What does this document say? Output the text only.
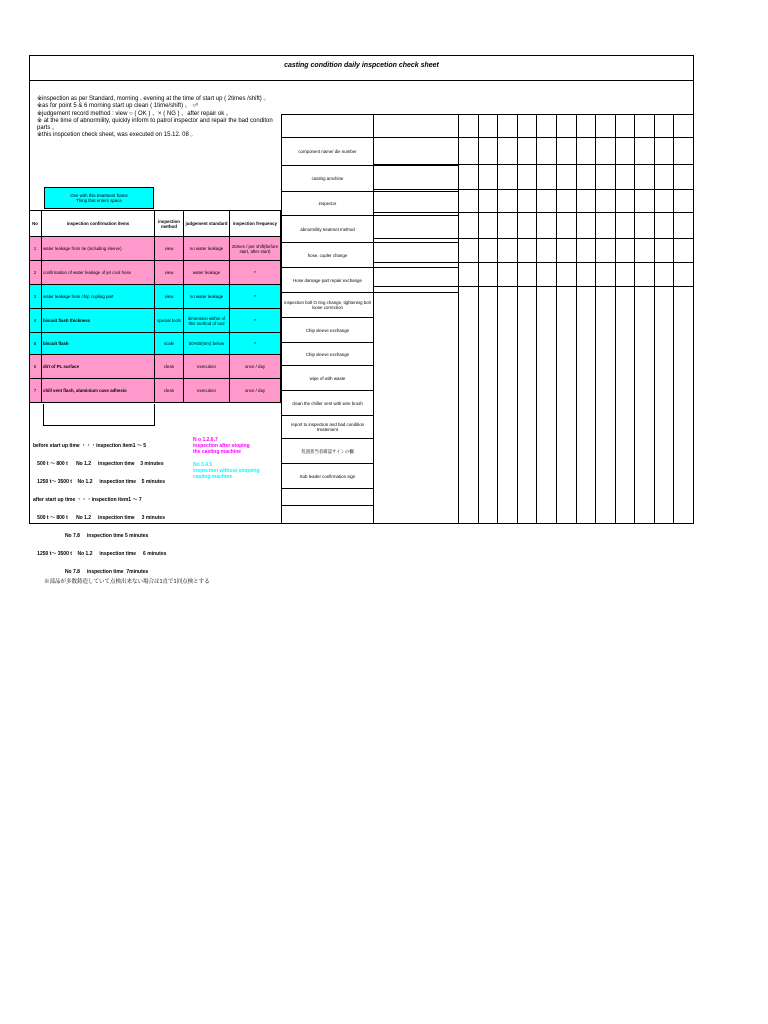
casting condition daily inspcetion check sheet
※inspection as per Standard, morning , evening at the time of start up ( 2times /shift) 。
※as for point 5 & 6 morning start up clean ( 1time/shift) 。 ○ˣ
※judgement record method : view ○ ( OK ) 、× ( NG ) 、after repair ok 。
※ at the time of abnormility, quickly inform to patrol inspector and repair the bad conditon parts 。
※this inspcetion check sheet, was executed on 15.12. 08 。
One with this treatment frame Thing that enters space
No	inspection confirmation items	inspection method	judgement standard	inspection frequency
1	water leakage from tie (including sleeve)	view	no water leakage	2times / per shift(before start, after start)
2	confirmation of water leakage of jet cool hose	view	water leakage	〃
3	water leakage from chip cupling part	view	no water leakage	〃
4	biscuit flash thickness	special tools	dimension within of this method of tool	〃
5	biscuit flash	scale	50×50(mm) below	〃
6	dirt of PL surface	clean	execution	once / day
7	chill vent flash, aluminium case adhesio	clean	execution	once / day

before start up time ・・・inspection item1 ～ 5

500 t ～ 800 t      No 1.2     inspection time    3 minutes

1250 t～ 3500 t    No 1.2     inspection time    5 minutes

after start up time ・・・inspection item1 ～ 7

500 t ～ 800 t      No 1.2     inspection time     3 minutes

No 7.8     inspection time 5 minutes

1250 t～ 3500 t    No 1.2     inspection time     6 minutes

No 7.8     inspection time  7minutes

N o 1.2.6.7
inspection after stoping
the casting machine
No 3.4.5
inspection without stopping
casting machine
component name/ die number
casting amchine
inspector
abnormility treatmet method
hose, cupler change
Hose damage part repair exchange
inspection bolt O ring change, tightening bolt loose correction
Chip sleeve exchange
Chip sleeve exchange
wipe of with waste
clean the chiller vent with wire brush
report to inspection and bad condition treatement
処置担当者確認サインの欄
Sub leader confirmation sign
※部品が多数鋳造していて点検出来ない場合は1直で1回点検とする
